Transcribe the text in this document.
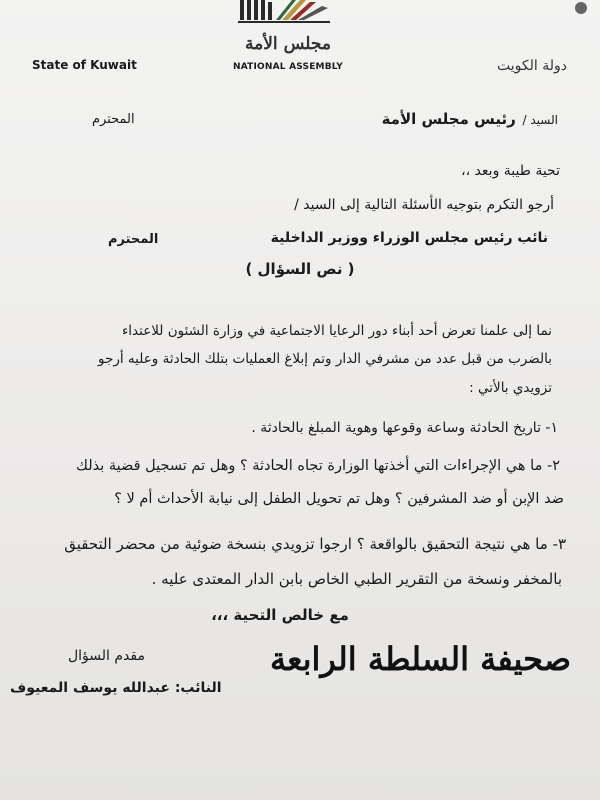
مجلس الأمة
NATIONAL ASSEMBLY
State of Kuwait	دولة الكويت
السيد / رئيس مجلس الأمة
المحترم
تحية طيبة وبعد ،،
أرجو التكرم بتوجيه الأسئلة التالية إلى السيد /
نائب رئيس مجلس الوزراء ووزير الداخلية
المحترم
( نص السؤال )
نما إلى علمنا تعرض أحد أبناء دور الرعايا الاجتماعية في وزارة الشئون للاعتداء
بالضرب من قبل عدد من مشرفي الدار وتم إبلاغ العمليات بتلك الحادثة وعليه أرجو
تزويدي بالأتي :
١- تاريخ الحادثة وساعة وقوعها وهوية المبلغ بالحادثة .
٢- ما هي الإجراءات التي أخذتها الوزارة تجاه الحادثة ؟ وهل تم تسجيل قضية بذلك
ضد الإبن أو ضد المشرفين ؟ وهل تم تحويل الطفل إلى نيابة الأحداث أم لا ؟
٣- ما هي نتيجة التحقيق بالواقعة ؟ ارجوا تزويدي بنسخة ضوئية من محضر التحقيق
بالمخفر ونسخة من التقرير الطبي الخاص بابن الدار المعتدى عليه .
مع خالص التحية ،،،
مقدم السؤال
النائب: عبدالله يوسف المعيوف
صحيفة السلطة الرابعة
